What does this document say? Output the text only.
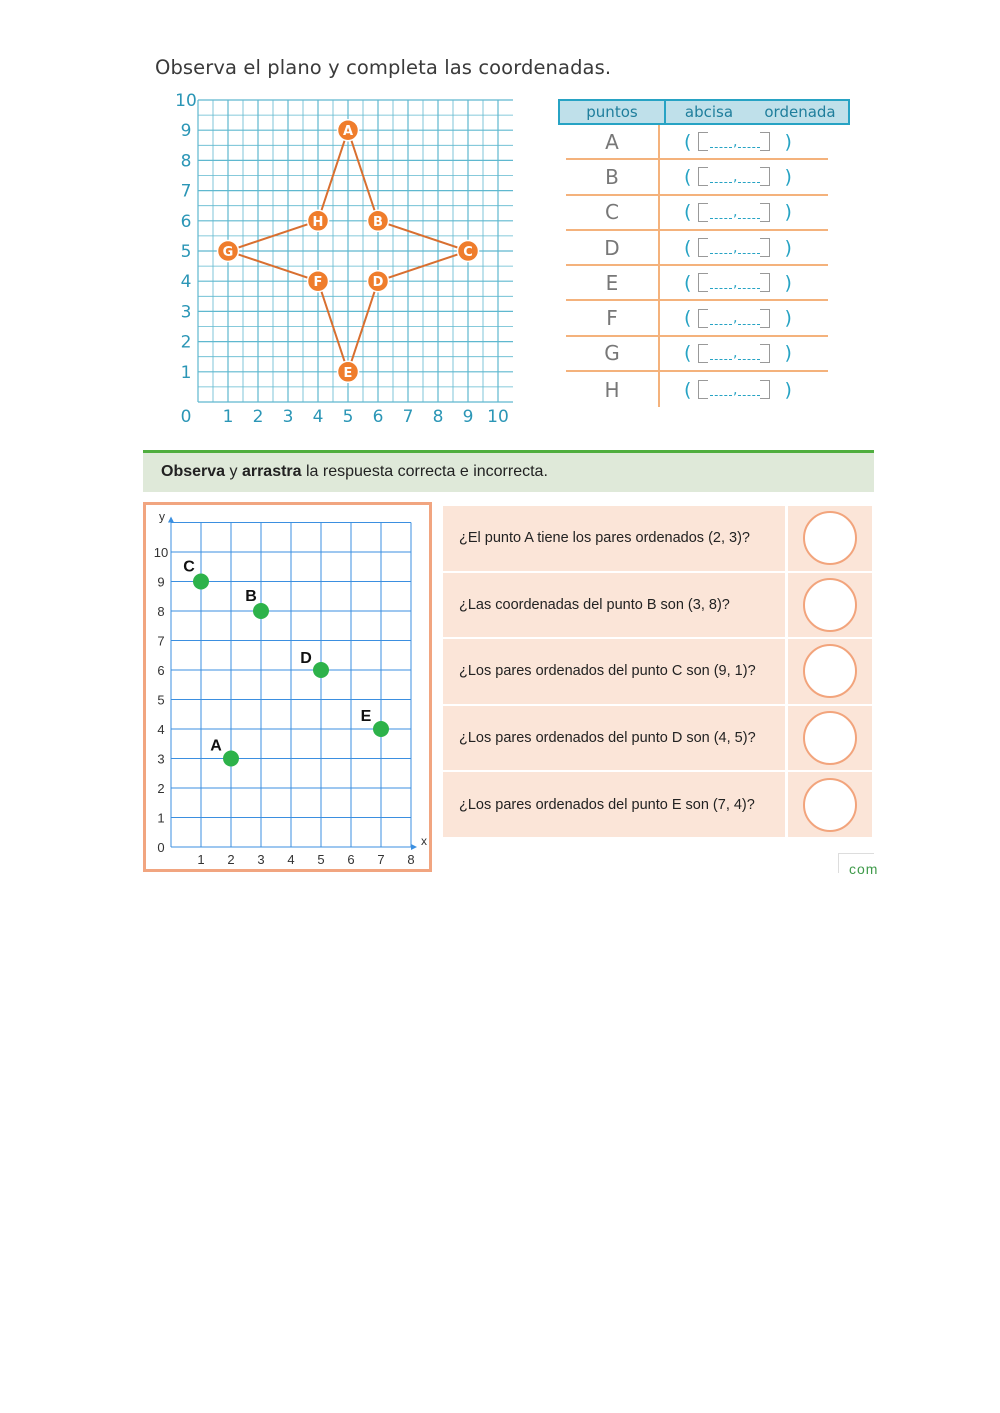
Observa el plano y completa las coordenadas.
0 1 2 3 4 5 6 7 8 9 10
1
2
3
4
5
6
7
8
9
10
A
B
C
D
E
F
G
H
puntos	abcisa	ordenada
A	(	, )
B	(	, )
C	(	, )
D	(	, )
E	(	, )
F	(	, )
G	(	, )
H	(	, )
Observa y arrastra la respuesta correcta e incorrecta.
x
y
1 2 3 4 5 6 7 8
0
1
2
3
4
5
6
7
8
9
10
A
B
C
D
E
¿El punto A tiene los pares ordenados (2, 3)?
¿Las coordenadas del punto B son (3, 8)?
¿Los pares ordenados del punto C son (9, 1)?
¿Los pares ordenados del punto D son (4, 5)?
¿Los pares ordenados del punto E son (7, 4)?
com
